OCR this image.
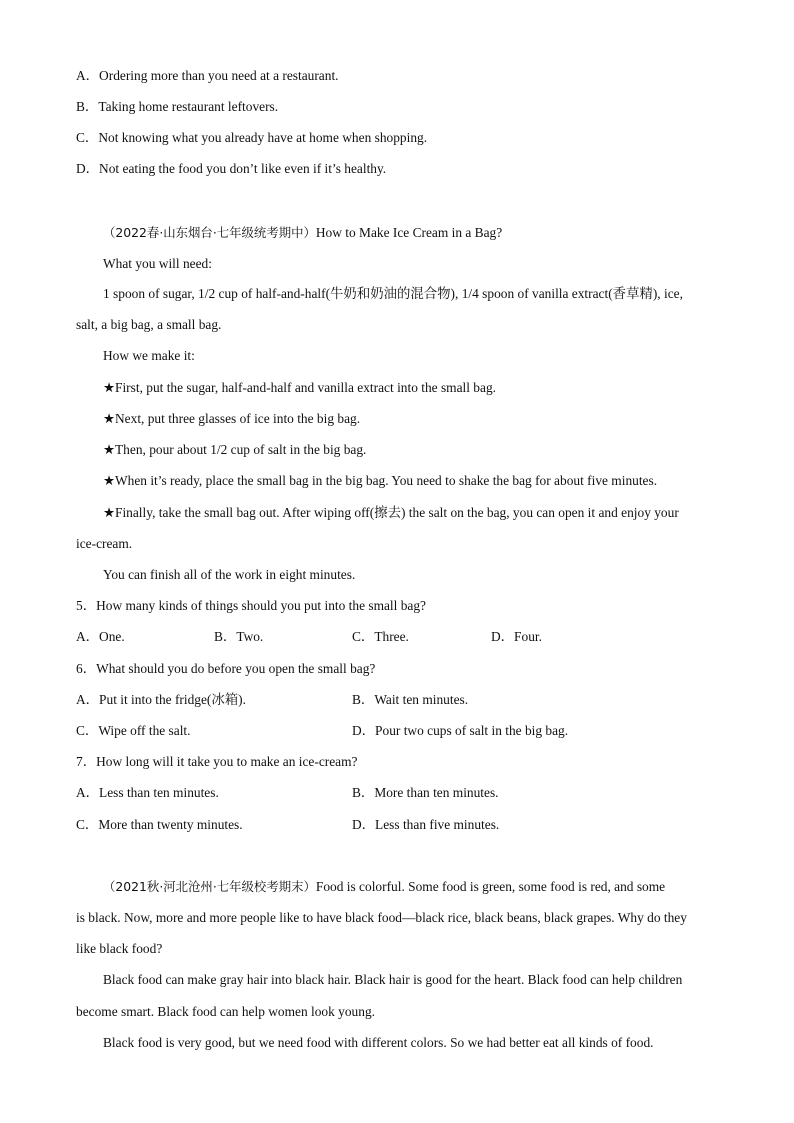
A．Ordering more than you need at a restaurant.
B．Taking home restaurant leftovers.
C．Not knowing what you already have at home when shopping.
D．Not eating the food you don’t like even if it’s healthy.
（2022春·山东烟台·七年级统考期中）How to Make Ice Cream in a Bag?
What you will need:
1 spoon of sugar, 1/2 cup of half-and-half(牛奶和奶油的混合物), 1/4 spoon of vanilla extract(香草精), ice,
salt, a big bag, a small bag.
How we make it:
★First, put the sugar, half-and-half and vanilla extract into the small bag.
★Next, put three glasses of ice into the big bag.
★Then, pour about 1/2 cup of salt in the big bag.
★When it’s ready, place the small bag in the big bag. You need to shake the bag for about five minutes.
★Finally, take the small bag out. After wiping off(擦去) the salt on the bag, you can open it and enjoy your
ice-cream.
You can finish all of the work in eight minutes.
5．How many kinds of things should you put into the small bag?
A．One.	B．Two.	C．Three.	D．Four.
6．What should you do before you open the small bag?
A．Put it into the fridge(冰箱).	B．Wait ten minutes.
C．Wipe off the salt.	D．Pour two cups of salt in the big bag.
7．How long will it take you to make an ice-cream?
A．Less than ten minutes.	B．More than ten minutes.
C．More than twenty minutes.	D．Less than five minutes.
（2021秋·河北沧州·七年级校考期末）Food is colorful. Some food is green, some food is red, and some
is black. Now, more and more people like to have black food—black rice, black beans, black grapes. Why do they
like black food?
Black food can make gray hair into black hair. Black hair is good for the heart. Black food can help children
become smart. Black food can help women look young.
Black food is very good, but we need food with different colors. So we had better eat all kinds of food.
